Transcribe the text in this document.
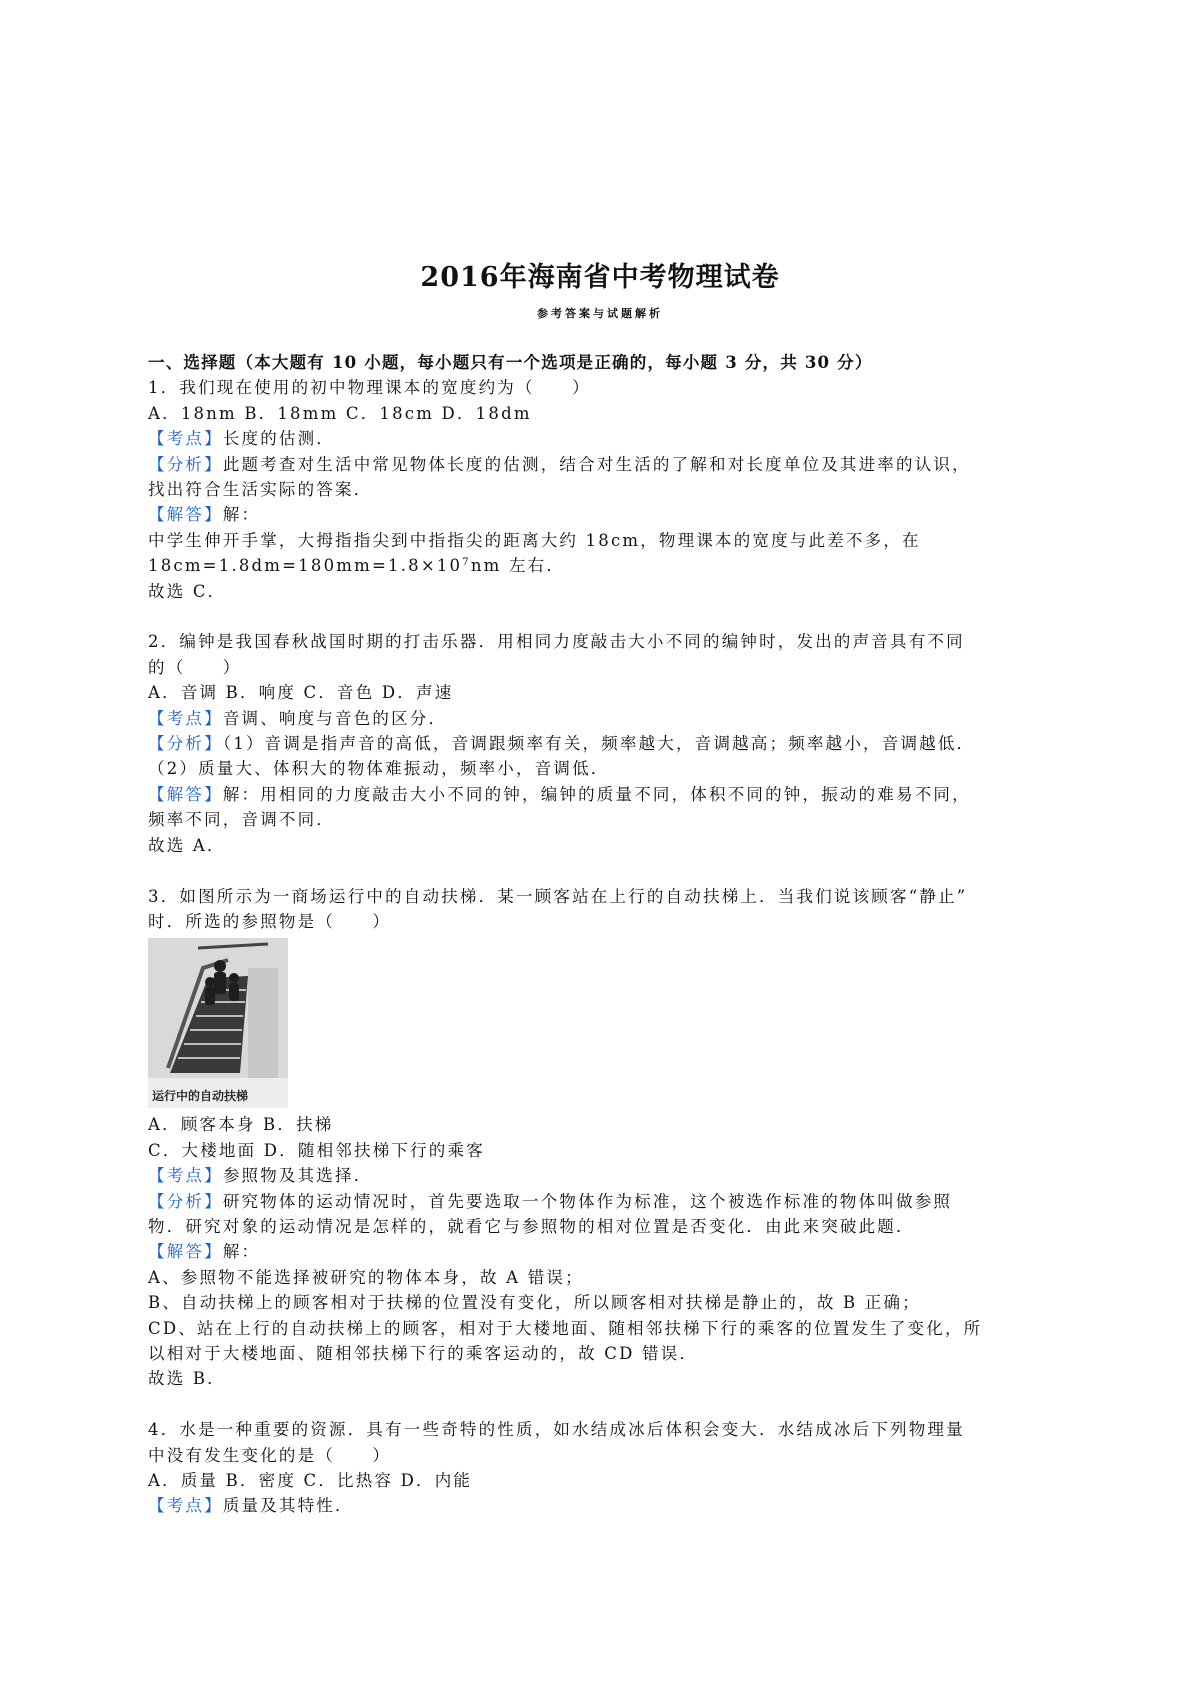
2016年海南省中考物理试卷
参考答案与试题解析
一、选择题（本大题有 10 小题，每小题只有一个选项是正确的，每小题 3 分，共 30 分）
1．我们现在使用的初中物理课本的宽度约为（　　）
A．18nm B．18mm C．18cm D．18dm
【考点】长度的估测．
【分析】此题考查对生活中常见物体长度的估测，结合对生活的了解和对长度单位及其进率的认识，
找出符合生活实际的答案．
【解答】解：
中学生伸开手掌，大拇指指尖到中指指尖的距离大约 18cm，物理课本的宽度与此差不多，在
$18cm=1.8dm=180mm=1.8\times 10^7nm$ 左右．
故选 C．
2．编钟是我国春秋战国时期的打击乐器．用相同力度敲击大小不同的编钟时，发出的声音具有不同
的（　　）
A．音调 B．响度 C．音色 D．声速
【考点】音调、响度与音色的区分．
【分析】（1）音调是指声音的高低，音调跟频率有关，频率越大，音调越高；频率越小，音调越低．
（2）质量大、体积大的物体难振动，频率小，音调低．
【解答】解：用相同的力度敲击大小不同的钟，编钟的质量不同，体积不同的钟，振动的难易不同，
频率不同，音调不同．
故选 A．
3．如图所示为一商场运行中的自动扶梯．某一顾客站在上行的自动扶梯上．当我们说该顾客“静止”
时．所选的参照物是（　　）
运行中的自动扶梯
A．顾客本身 B．扶梯
C．大楼地面 D．随相邻扶梯下行的乘客
【考点】参照物及其选择．
【分析】研究物体的运动情况时，首先要选取一个物体作为标准，这个被选作标准的物体叫做参照
物．研究对象的运动情况是怎样的，就看它与参照物的相对位置是否变化．由此来突破此题．
【解答】解：
A、参照物不能选择被研究的物体本身，故 A 错误；
B、自动扶梯上的顾客相对于扶梯的位置没有变化，所以顾客相对扶梯是静止的，故 B 正确；
CD、站在上行的自动扶梯上的顾客，相对于大楼地面、随相邻扶梯下行的乘客的位置发生了变化，所
以相对于大楼地面、随相邻扶梯下行的乘客运动的，故 CD 错误．
故选 B．
4．水是一种重要的资源．具有一些奇特的性质，如水结成冰后体积会变大．水结成冰后下列物理量
中没有发生变化的是（　　）
A．质量 B．密度 C．比热容 D．内能
【考点】质量及其特性．
